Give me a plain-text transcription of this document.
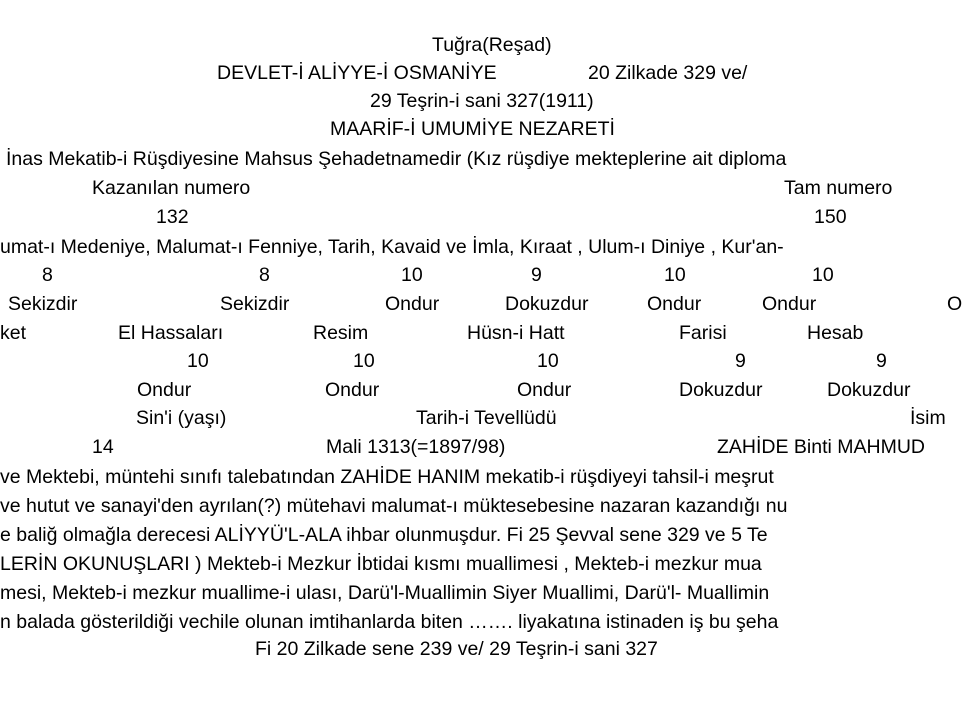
Tuğra(Reşad)
DEVLET-İ ALİYYE-İ OSMANİYE	20 Zilkade 329 ve/
29 Teşrin-i sani 327(1911)
MAARİF-İ UMUMİYE NEZARETİ
İnas Mekatib-i Rüşdiyesine Mahsus Şehadetnamedir (Kız rüşdiye mekteplerine ait diploma
Kazanılan numero	Tam numero
132	150
umat-ı Medeniye, Malumat-ı Fenniye, Tarih, Kavaid ve İmla, Kıraat , Ulum-ı Diniye , Kur'an-
8	8	10	9	10	10
Sekizdir	Sekizdir	Ondur	Dokuzdur	Ondur	Ondur	O
ket	El Hassaları	Resim	Hüsn-i Hatt	Farisi	Hesab
10	10	10	9	9
Ondur	Ondur	Ondur	Dokuzdur	Dokuzdur
Sin'i (yaşı)	Tarih-i Tevellüdü	İsim
14	Mali 1313(=1897/98)	ZAHİDE Binti MAHMUD
ve Mektebi, müntehi sınıfı talebatından ZAHİDE HANIM mekatib-i rüşdiyeyi tahsil-i meşrut
ve hutut ve sanayi'den ayrılan(?) mütehavi malumat-ı müktesebesine nazaran kazandığı nu
e baliğ olmağla derecesi ALİYYÜ'L-ALA ihbar olunmuşdur. Fi 25 Şevval sene 329 ve 5 Te
LERİN OKUNUŞLARI ) Mekteb-i Mezkur İbtidai kısmı muallimesi , Mekteb-i mezkur mua
mesi, Mekteb-i mezkur muallime-i ulası, Darü'l-Muallimin Siyer Muallimi, Darü'l- Muallimin
n balada gösterildiği vechile olunan imtihanlarda biten ……. liyakatına istinaden iş bu şeha
Fi 20 Zilkade sene 239 ve/ 29 Teşrin-i sani 327
